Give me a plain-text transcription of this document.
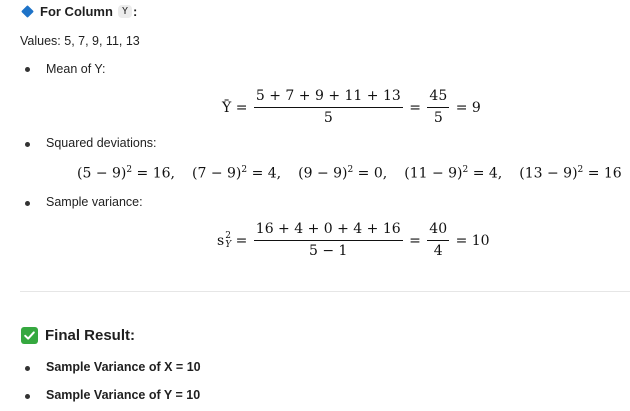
For Column Y :
Values: 5, 7, 9, 11, 13
Mean of Y:
Ȳ = $\frac{5 + 7 + 9 + 11 + 13}{5} = \frac{45}{5}$
= 9
Squared deviations:
$(5 - 9)^2 = 16$, $(7 - 9)^2 = 4$, $(9 - 9)^2 = 0$, $(11 - 9)^2 = 4$, $(13 - 9)^2 = 16$
Sample variance:
s 2
$Y = \frac{16 + 4 + 0 + 4 + 16}{5 - 1} = \frac{40}{4}$
= 10
Final Result:
Sample Variance of X = 10
Sample Variance of Y = 10
